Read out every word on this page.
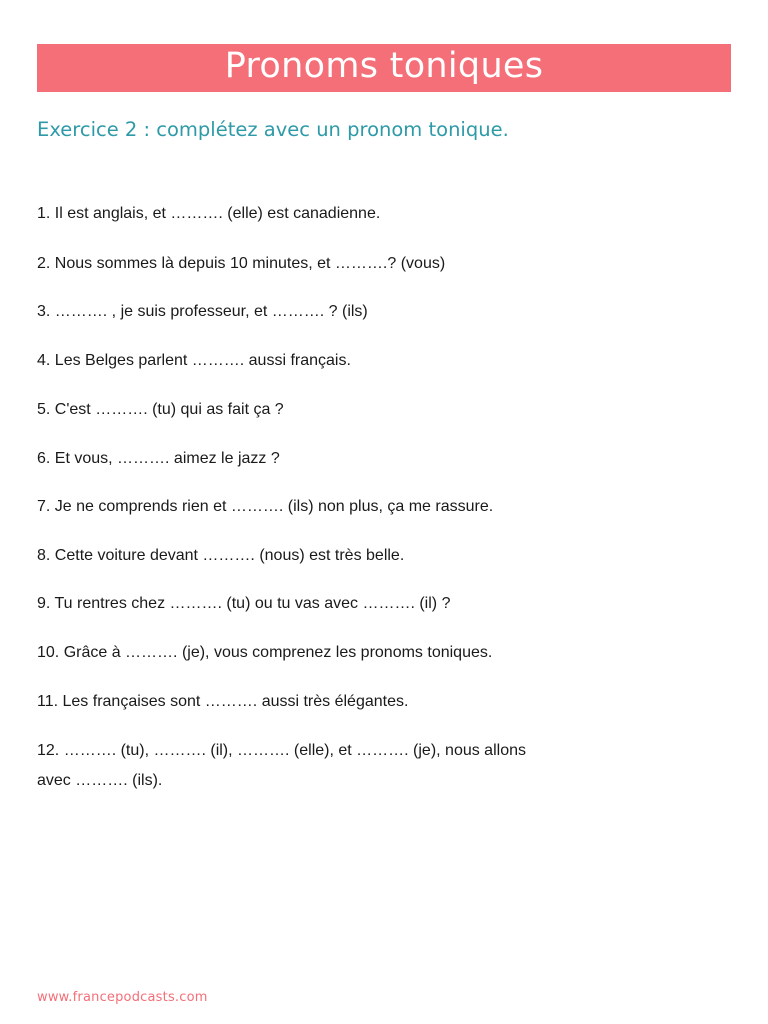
Pronoms toniques
Exercice 2 : complétez avec un pronom tonique.
1. Il est anglais, et ………. (elle) est canadienne.
2. Nous sommes là depuis 10 minutes, et ……….? (vous)
3. ………. , je suis professeur, et ………. ? (ils)
4. Les Belges parlent ………. aussi français.
5. C'est ………. (tu) qui as fait ça ?
6. Et vous, ………. aimez le jazz ?
7. Je ne comprends rien et ………. (ils) non plus, ça me rassure.
8. Cette voiture devant ………. (nous) est très belle.
9. Tu rentres chez ………. (tu) ou tu vas avec ………. (il) ?
10. Grâce à ………. (je), vous comprenez les pronoms toniques.
11. Les françaises sont ………. aussi très élégantes.
12. ………. (tu), ………. (il), ………. (elle), et ………. (je), nous allons
avec ………. (ils).
www.francepodcasts.com
